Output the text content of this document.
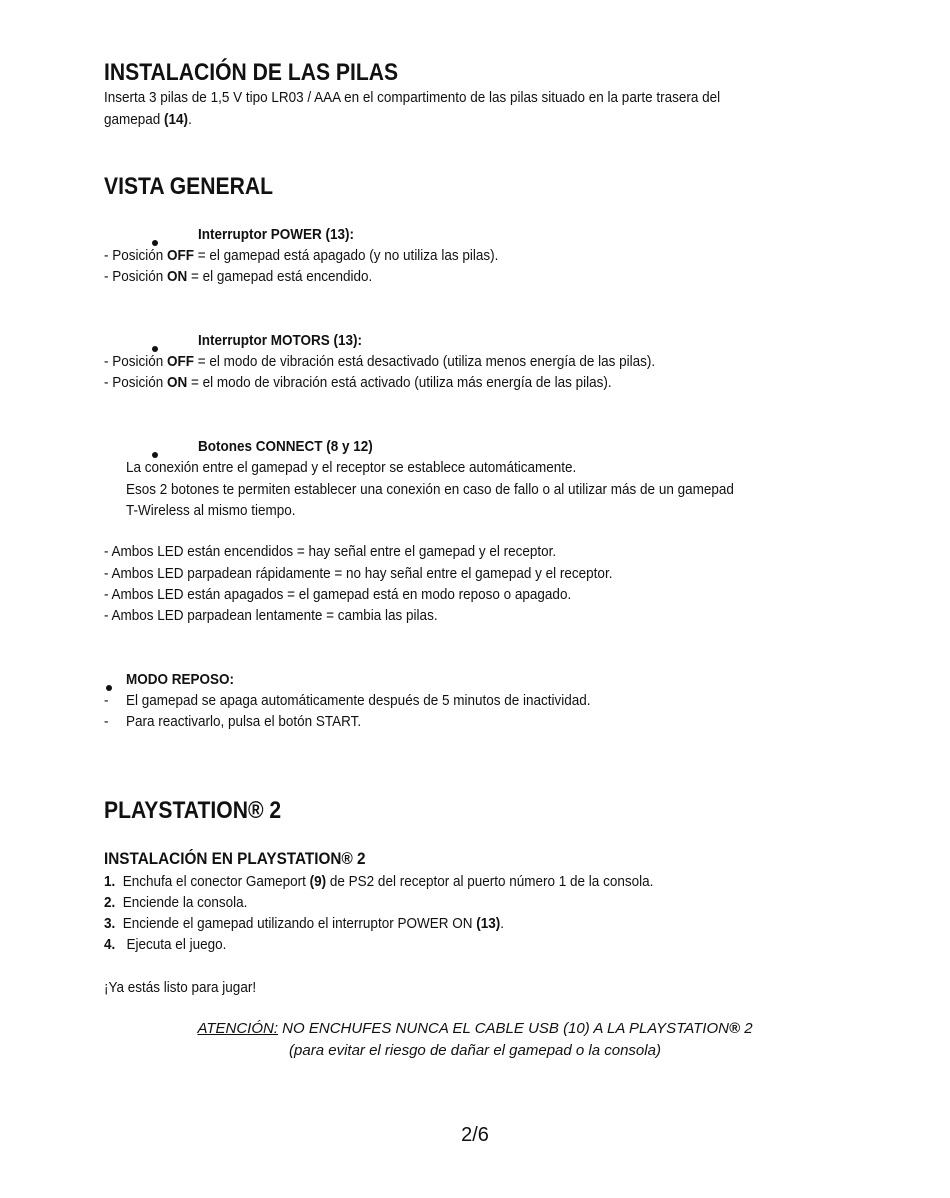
INSTALACIÓN DE LAS PILAS
Inserta 3 pilas de 1,5 V tipo LR03 / AAA en el compartimento de las pilas situado en la parte trasera del
gamepad (14).
VISTA GENERAL
Interruptor POWER (13):
- Posición OFF = el gamepad está apagado (y no utiliza las pilas).
- Posición ON = el gamepad está encendido.
Interruptor MOTORS (13):
- Posición OFF = el modo de vibración está desactivado (utiliza menos energía de las pilas).
- Posición ON = el modo de vibración está activado (utiliza más energía de las pilas).
Botones CONNECT (8 y 12)
La conexión entre el gamepad y el receptor se establece automáticamente.
Esos 2 botones te permiten establecer una conexión en caso de fallo o al utilizar más de un gamepad
T-Wireless al mismo tiempo.
- Ambos LED están encendidos = hay señal entre el gamepad y el receptor.
- Ambos LED parpadean rápidamente = no hay señal entre el gamepad y el receptor.
- Ambos LED están apagados = el gamepad está en modo reposo o apagado.
- Ambos LED parpadean lentamente = cambia las pilas.
MODO REPOSO:
- El gamepad se apaga automáticamente después de 5 minutos de inactividad.
- Para reactivarlo, pulsa el botón START.
PLAYSTATION® 2
INSTALACIÓN EN PLAYSTATION® 2
1. Enchufa el conector Gameport (9) de PS2 del receptor al puerto número 1 de la consola.
2. Enciende la consola.
3. Enciende el gamepad utilizando el interruptor POWER ON (13).
4. Ejecuta el juego.
¡Ya estás listo para jugar!
ATENCIÓN: NO ENCHUFES NUNCA EL CABLE USB (10) A LA PLAYSTATION® 2
(para evitar el riesgo de dañar el gamepad o la consola)
2/6
